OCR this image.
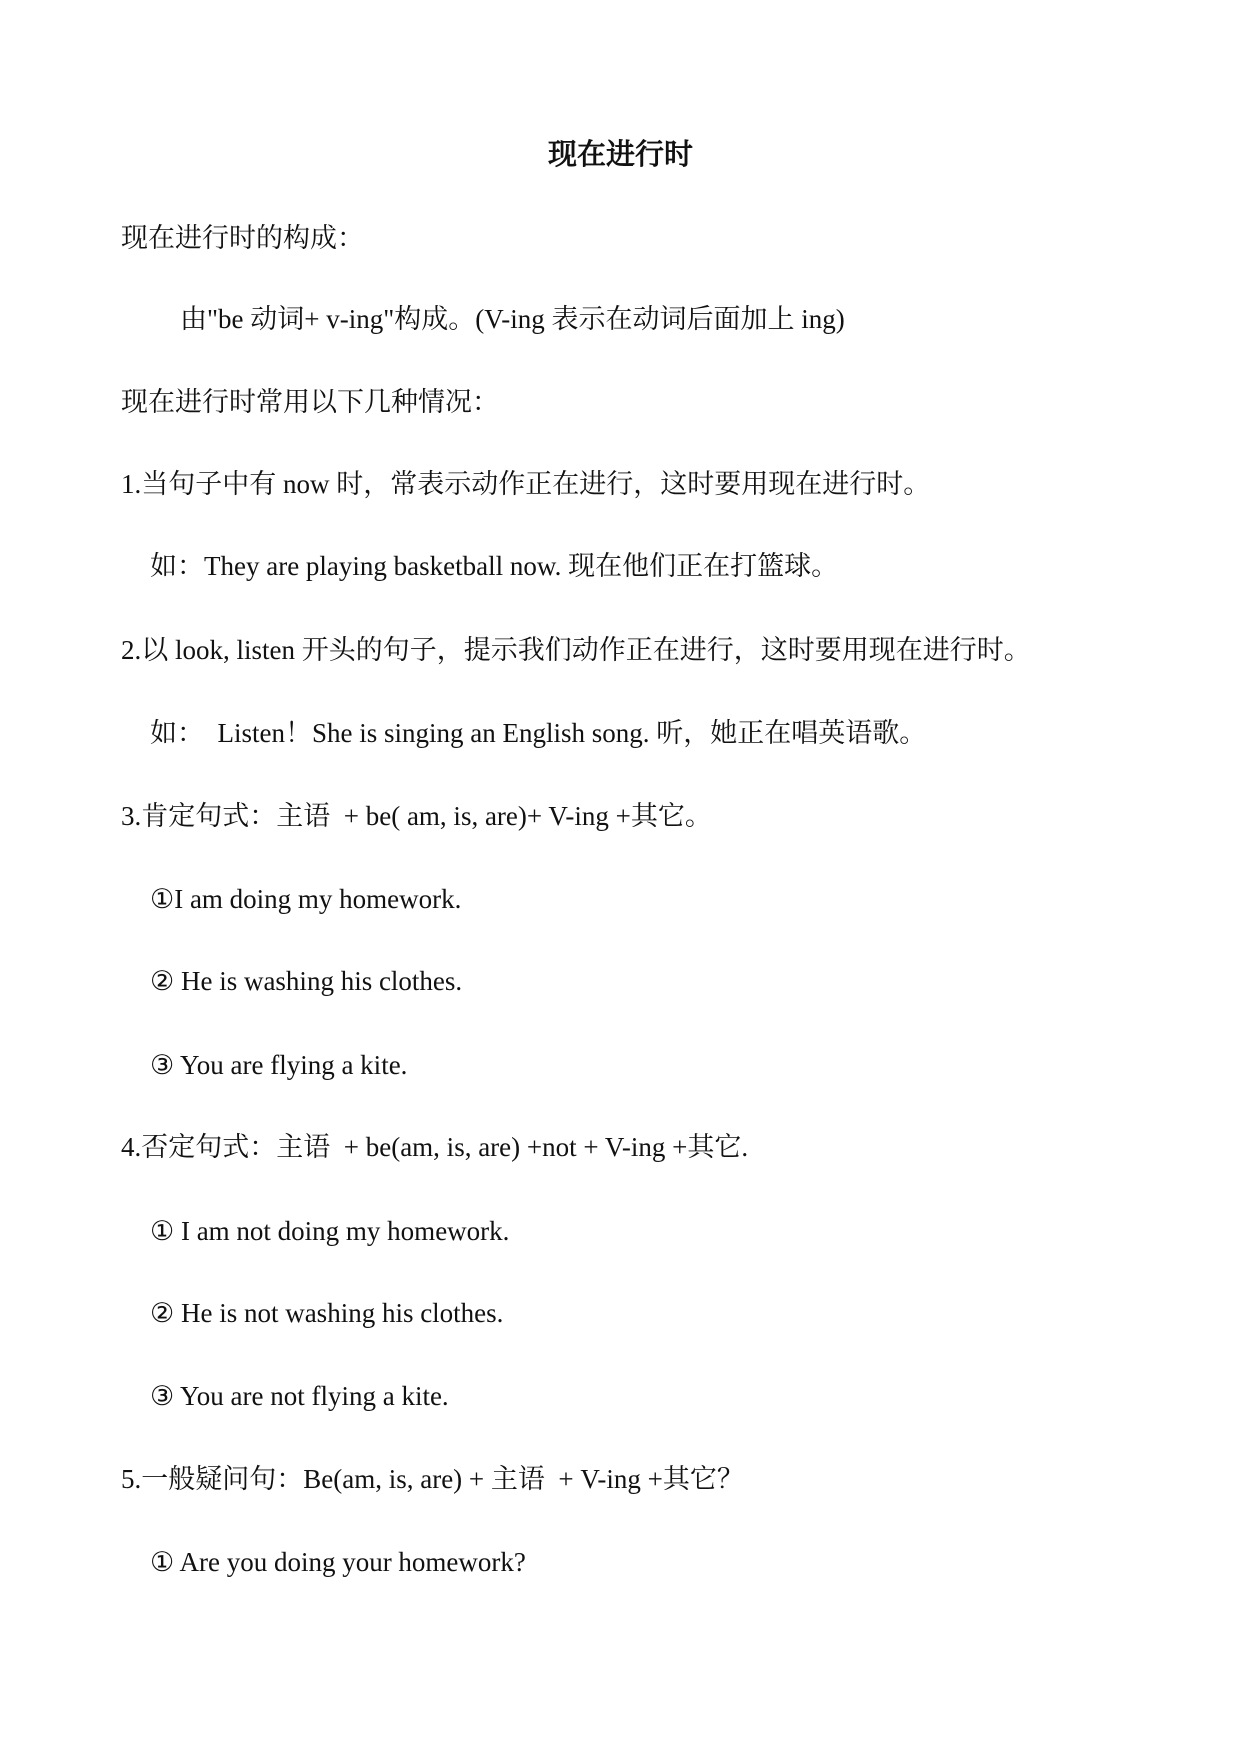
现在进行时
现在进行时的构成：
由"be 动词+ v-ing"构成。(V-ing 表示在动词后面加上 ing)
现在进行时常用以下几种情况：
1.当句子中有 now 时，常表示动作正在进行，这时要用现在进行时。
如：They are playing basketball now. 现在他们正在打篮球。
2.以 look, listen 开头的句子，提示我们动作正在进行，这时要用现在进行时。
如：  Listen！She is singing an English song. 听，她正在唱英语歌。
3.肯定句式：主语  + be( am, is, are)+ V-ing +其它。
①I am doing my homework.
② He is washing his clothes.
③ You are flying a kite.
4.否定句式：主语  + be(am, is, are) +not + V-ing +其它.
① I am not doing my homework.
② He is not washing his clothes.
③ You are not flying a kite.
5.一般疑问句：Be(am, is, are) + 主语  + V-ing +其它？
① Are you doing your homework?
